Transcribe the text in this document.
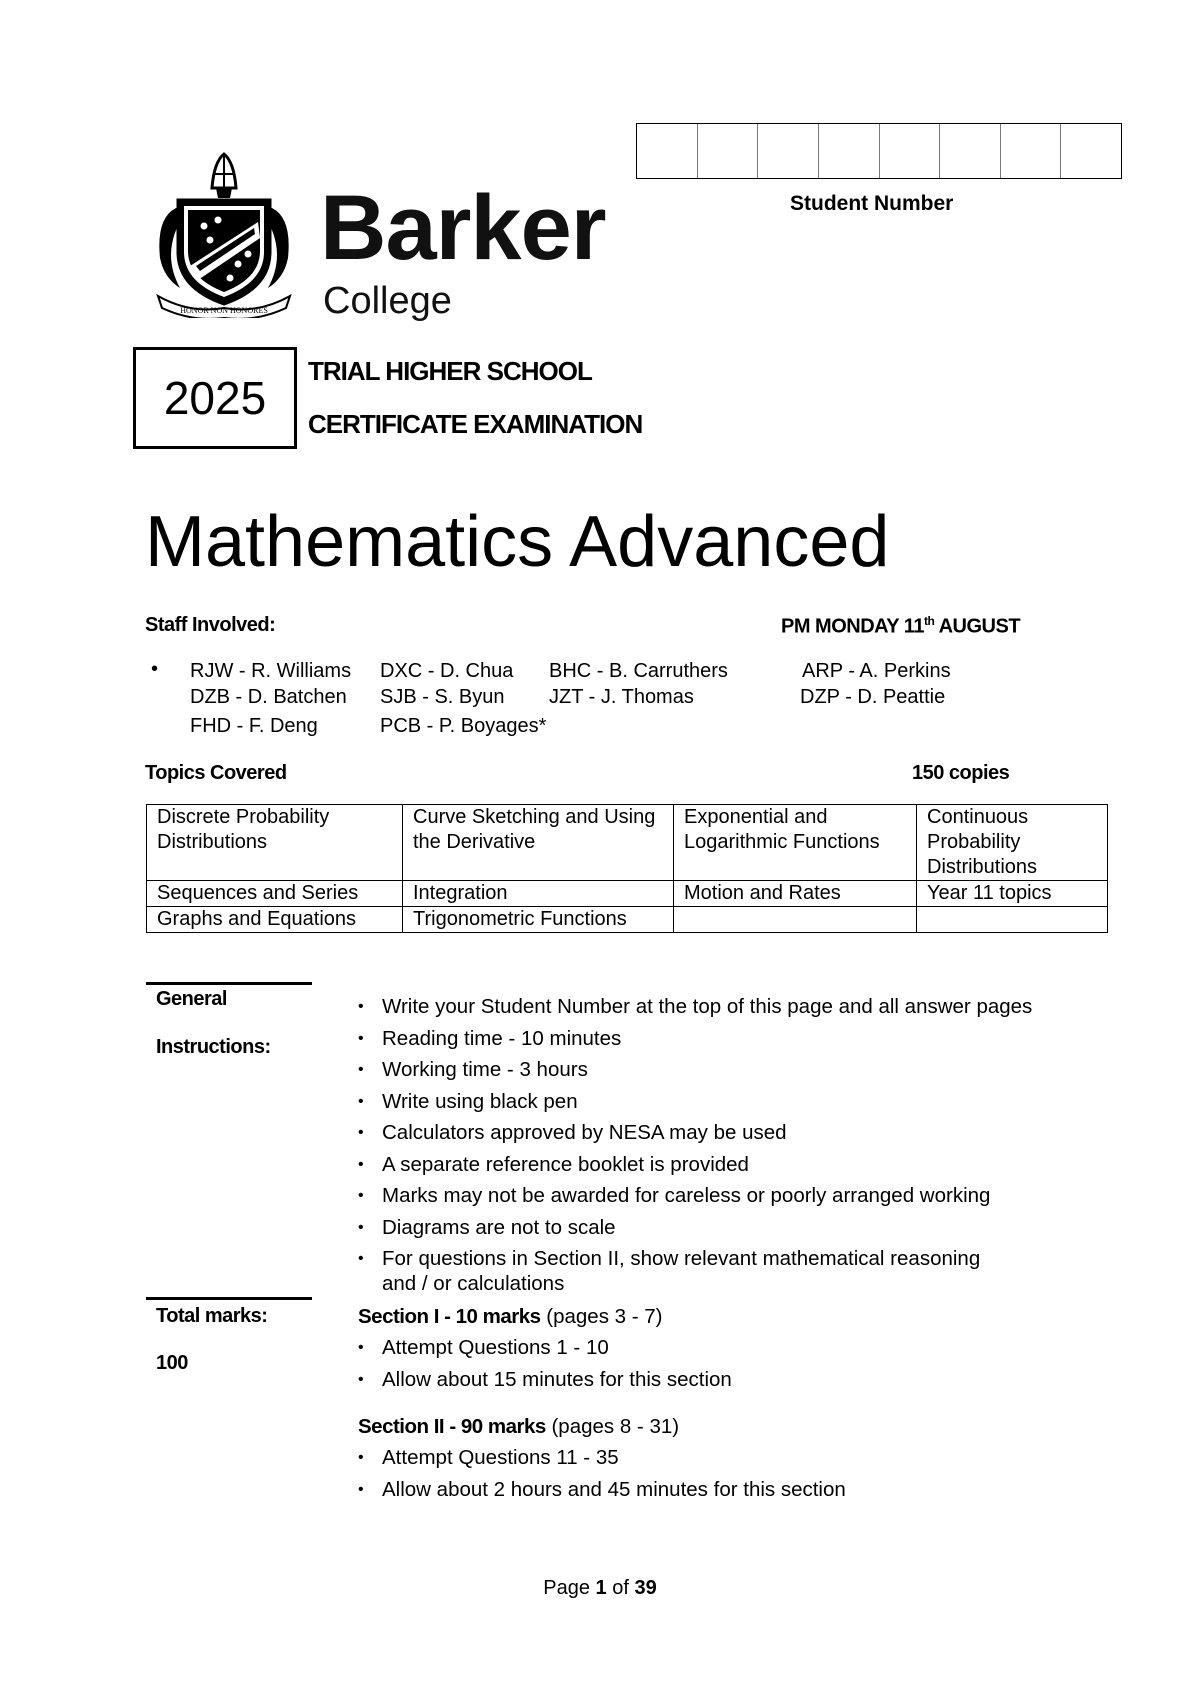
Student Number
HONOR NON HONORES
Barker
College
2025
TRIAL HIGHER SCHOOL
CERTIFICATE EXAMINATION
Mathematics Advanced
Staff Involved:	PM MONDAY 11th AUGUST
• RJW - R. Williams DXC - D. Chua BHC - B. Carruthers	ARP - A. Perkins
DZB - D. Batchen SJB - S. Byun JZT - J. Thomas	DZP - D. Peattie
FHD - F. Deng	PCB - P. Boyages*
Topics Covered	150 copies
Discrete Probability Distributions	Curve Sketching and Using the Derivative	Exponential and Logarithmic Functions	Continuous Probability Distributions
Sequences and Series	Integration	Motion and Rates	Year 11 topics
Graphs and Equations	Trigonometric Functions		
General
Instructions:
• Write your Student Number at the top of this page and all answer pages
• Reading time - 10 minutes
• Working time - 3 hours
• Write using black pen
• Calculators approved by NESA may be used
• A separate reference booklet is provided
• Marks may not be awarded for careless or poorly arranged working
• Diagrams are not to scale
• For questions in Section II, show relevant mathematical reasoning
and / or calculations
Total marks:
100
Section I - 10 marks (pages 3 - 7)
• Attempt Questions 1 - 10
• Allow about 15 minutes for this section
Section II - 90 marks (pages 8 - 31)
• Attempt Questions 11 - 35
• Allow about 2 hours and 45 minutes for this section
Page 1 of 39
